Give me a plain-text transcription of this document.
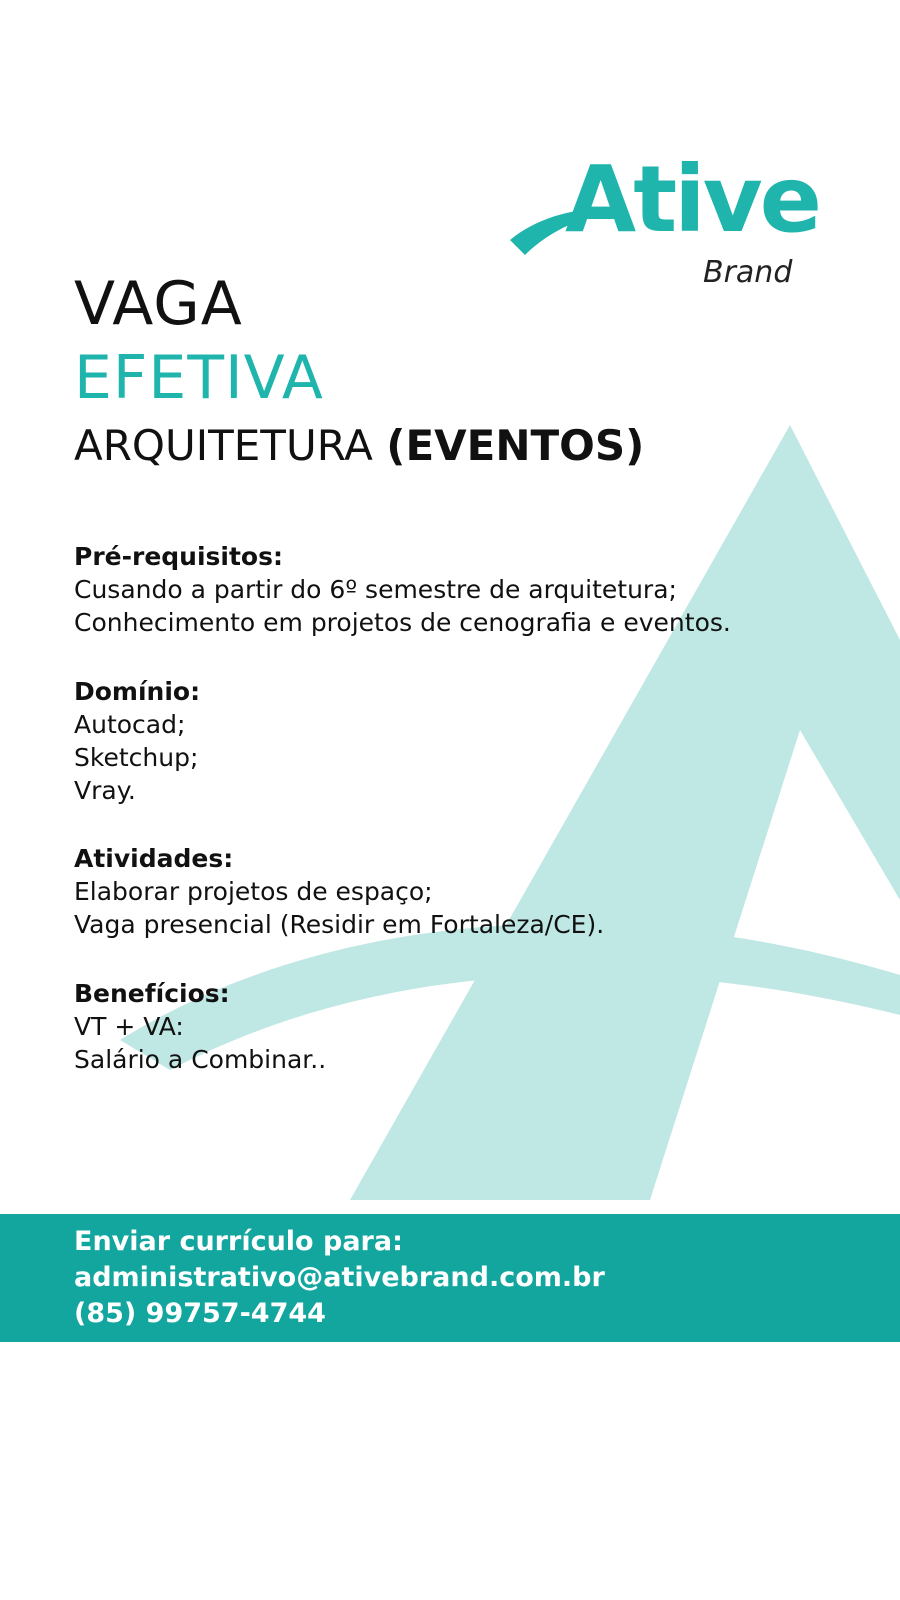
Ative
Brand
VAGA
EFETIVA
ARQUITETURA (EVENTOS)
Pré-requisitos:

Cusando a partir do 6º semestre de arquitetura;

Conhecimento em projetos de cenografia e eventos.

Domínio:

Autocad;

Sketchup;

Vray.

Atividades:

Elaborar projetos de espaço;

Vaga presencial (Residir em Fortaleza/CE).

Benefícios:

VT + VA:

Salário a Combinar..

Enviar currículo para:
administrativo@ativebrand.com.br
(85) 99757-4744
